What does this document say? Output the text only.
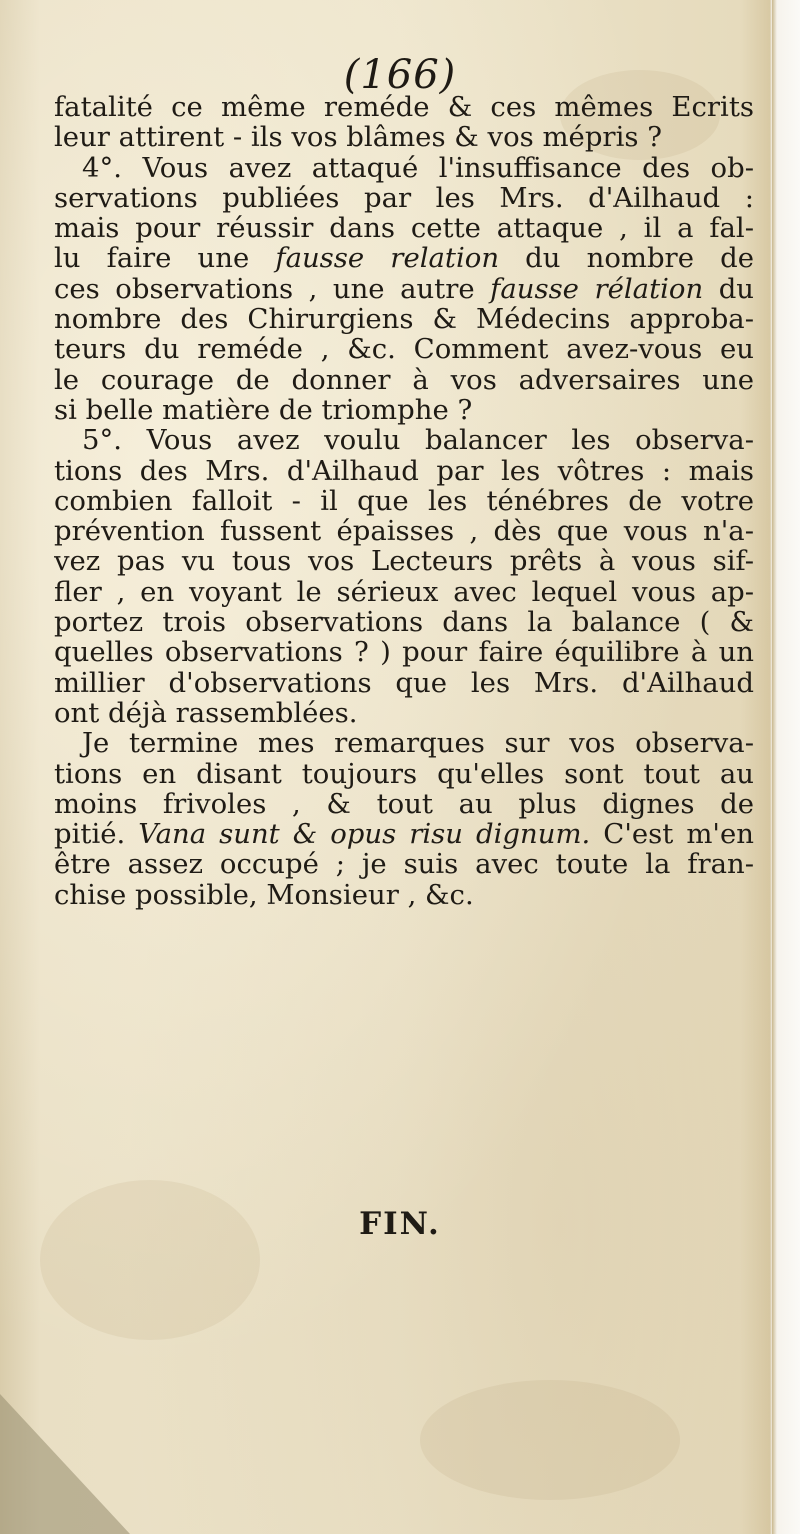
(166)
fatalité ce même reméde & ces mêmes Ecrits
leur attirent - ils vos blâmes & vos mépris ?
4°. Vous avez attaqué l'insuffisance des ob-
servations publiées par les Mrs. d'Ailhaud :
mais pour réussir dans cette attaque , il a fal-
lu faire une fausse relation du nombre de
ces observations , une autre fausse rélation du
nombre des Chirurgiens & Médecins approba-
teurs du reméde , &c. Comment avez-vous eu
le courage de donner à vos adversaires une
si belle matière de triomphe ?
5°. Vous avez voulu balancer les observa-
tions des Mrs. d'Ailhaud par les vôtres : mais
combien falloit - il que les ténébres de votre
prévention fussent épaisses , dès que vous n'a-
vez pas vu tous vos Lecteurs prêts à vous sif-
fler , en voyant le sérieux avec lequel vous ap-
portez trois observations dans la balance ( &
quelles observations ? ) pour faire équilibre à un
millier d'observations que les Mrs. d'Ailhaud
ont déjà rassemblées.
Je termine mes remarques sur vos observa-
tions en disant toujours qu'elles sont tout au
moins frivoles , & tout au plus dignes de
pitié. Vana sunt & opus risu dignum. C'est m'en
être assez occupé ; je suis avec toute la fran-
chise possible, Monsieur , &c.
FIN.
